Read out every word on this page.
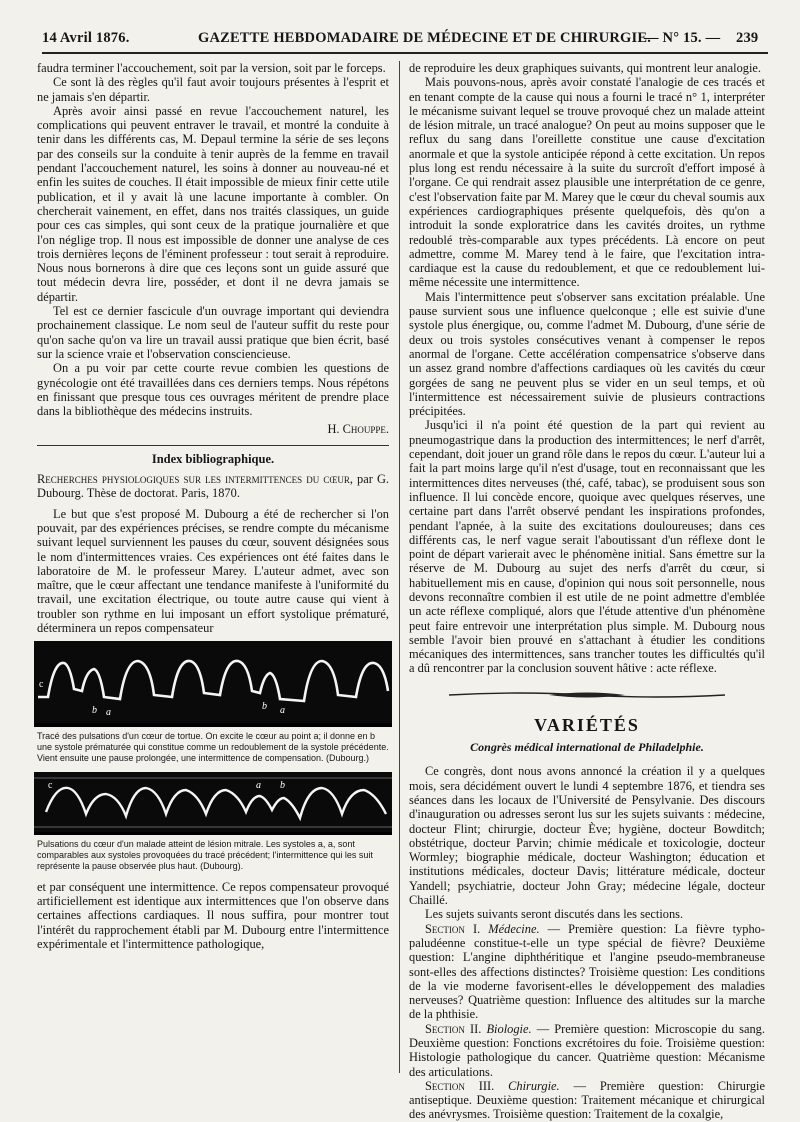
14 Avril 1876.	GAZETTE HEBDOMADAIRE DE MÉDECINE ET DE CHIRURGIE.
— N° 15. — 239

faudra terminer l'accouchement, soit par la version, soit par le forceps.

Ce sont là des règles qu'il faut avoir toujours présentes à l'esprit et ne jamais s'en départir.

Après avoir ainsi passé en revue l'accouchement naturel, les complications qui peuvent entraver le travail, et montré la conduite à tenir dans les différents cas, M. Depaul termine la série de ses leçons par des conseils sur la conduite à tenir auprès de la femme en travail pendant l'accouchement naturel, les soins à donner au nouveau-né et enfin les suites de couches. Il était impossible de mieux finir cette utile publication, et il y avait là une lacune importante à combler. On chercherait vainement, en effet, dans nos traités classiques, un guide pour ces cas simples, qui sont ceux de la pratique journalière et que l'on néglige trop. Il nous est impossible de donner une analyse de ces trois dernières leçons de l'éminent professeur : tout serait à reproduire. Nous nous bornerons à dire que ces leçons sont un guide assuré que tout médecin devra lire, posséder, et dont il ne devra jamais se départir.

Tel est ce dernier fascicule d'un ouvrage important qui deviendra prochainement classique. Le nom seul de l'auteur suffit du reste pour qu'on sache qu'on va lire un travail aussi pratique que bien écrit, basé sur la science vraie et l'observation consciencieuse.

On a pu voir par cette courte revue combien les questions de gynécologie ont été travaillées dans ces derniers temps. Nous répétons en finissant que presque tous ces ouvrages méritent de prendre place dans la bibliothèque des médecins instruits.

H. Chouppe.

Index bibliographique.

Recherches physiologiques sur les intermittences du cœur, par G. Dubourg. Thèse de doctorat. Paris, 1870.

Le but que s'est proposé M. Dubourg a été de rechercher si l'on pouvait, par des expériences précises, se rendre compte du mécanisme suivant lequel surviennent les pauses du cœur, souvent désignées sous le nom d'intermittences vraies. Ces expériences ont été faites dans le laboratoire de M. le professeur Marey. L'auteur admet, avec son maître, que le cœur affectant une tendance manifeste à l'uniformité du travail, une excitation électrique, ou toute autre cause qui vient à troubler son rythme en lui imposant un effort systolique prématuré, déterminera un repos compensateur

c
b a
b a
Tracé des pulsations d'un cœur de tortue. On excite le cœur au point a; il donne en b une systole prématurée qui constitue comme un redoublement de la systole précédente. Vient ensuite une pause prolongée, une intermittence de compensation. (Dubourg.)
c	a b
Pulsations du cœur d'un malade atteint de lésion mitrale. Les systoles a, a, sont comparables aux systoles provoquées du tracé précédent; l'intermittence qui les suit représente la pause observée plus haut. (Dubourg).

et par conséquent une intermittence. Ce repos compensateur provoqué artificiellement est identique aux intermittences que l'on observe dans certaines affections cardiaques. Il nous suffira, pour montrer tout l'intérêt du rapprochement établi par M. Dubourg entre l'intermittence expérimentale et l'intermittence pathologique,

de reproduire les deux graphiques suivants, qui montrent leur analogie.

Mais pouvons-nous, après avoir constaté l'analogie de ces tracés et en tenant compte de la cause qui nous a fourni le tracé n° 1, interpréter le mécanisme suivant lequel se trouve provoqué chez un malade atteint de lésion mitrale, un tracé analogue? On peut au moins supposer que le reflux du sang dans l'oreillette constitue une cause d'excitation anormale et que la systole anticipée répond à cette excitation. Un repos plus long est rendu nécessaire à la suite du surcroît d'effort imposé à l'organe. Ce qui rendrait assez plausible une interprétation de ce genre, c'est l'observation faite par M. Marey que le cœur du cheval soumis aux expériences cardiographiques présente quelquefois, dès qu'on a introduit la sonde exploratrice dans les cavités droites, un rythme redoublé très-comparable aux types précédents. Là encore on peut admettre, comme M. Marey tend à le faire, que l'excitation intra-cardiaque est la cause du redoublement, et que ce redoublement lui-même nécessite une intermittence.

Mais l'intermittence peut s'observer sans excitation préalable. Une pause survient sous une influence quelconque ; elle est suivie d'une systole plus énergique, ou, comme l'admet M. Dubourg, d'une série de deux ou trois systoles consécutives venant à compenser le repos anormal de l'organe. Cette accélération compensatrice s'observe dans un assez grand nombre d'affections cardiaques où les cavités du cœur gorgées de sang ne peuvent plus se vider en un seul temps, et où l'intermittence est nécessairement suivie de plusieurs contractions précipitées.

Jusqu'ici il n'a point été question de la part qui revient au pneumogastrique dans la production des intermittences; le nerf d'arrêt, cependant, doit jouer un grand rôle dans le repos du cœur. L'auteur lui a fait la part moins large qu'il n'est d'usage, tout en reconnaissant que les intermittences dites nerveuses (thé, café, tabac), se produisent sous son influence. Il lui concède encore, quoique avec quelques réserves, une certaine part dans l'arrêt observé pendant les inspirations profondes, pendant l'apnée, à la suite des excitations douloureuses; dans ces différents cas, le nerf vague serait l'aboutissant d'un réflexe dont le point de départ varierait avec le phénomène initial. Sans émettre sur la réserve de M. Dubourg au sujet des nerfs d'arrêt du cœur, si habituellement mis en cause, d'opinion qui nous soit personnelle, nous devons reconnaître combien il est utile de ne point admettre d'emblée un acte réflexe compliqué, alors que l'étude attentive d'un phénomène peut faire entrevoir une interprétation plus simple. M. Dubourg nous semble l'avoir bien prouvé en s'attachant à étudier les conditions mécaniques des intermittences, sans trancher toutes les difficultés qu'il a dû rencontrer par la conclusion souvent hâtive : acte réflexe.

VARIÉTÉS
Congrès médical international de Philadelphie.

Ce congrès, dont nous avons annoncé la création il y a quelques mois, sera décidément ouvert le lundi 4 septembre 1876, et tiendra ses séances dans les locaux de l'Université de Pensylvanie. Des discours d'inauguration ou adresses seront lus sur les sujets suivants : médecine, docteur Flint; chirurgie, docteur Ève; hygiène, docteur Bowditch; obstétrique, docteur Parvin; chimie médicale et toxicologie, docteur Wormley; biographie médicale, docteur Washington; éducation et institutions médicales, docteur Davis; littérature médicale, docteur Yandell; psychiatrie, docteur John Gray; médecine légale, docteur Chaillé.

Les sujets suivants seront discutés dans les sections.

Section I. Médecine. — Première question: La fièvre typho-paludéenne constitue-t-elle un type spécial de fièvre? Deuxième question: L'angine diphthéritique et l'angine pseudo-membraneuse sont-elles des affections distinctes? Troisième question: Les conditions de la vie moderne favorisent-elles le développement des maladies nerveuses? Quatrième question: Influence des altitudes sur la marche de la phthisie.

Section II. Biologie. — Première question: Microscopie du sang. Deuxième question: Fonctions excrétoires du foie. Troisième question: Histologie pathologique du cancer. Quatrième question: Mécanisme des articulations.

Section III. Chirurgie. — Première question: Chirurgie antiseptique. Deuxième question: Traitement mécanique et chirurgical des anévrysmes. Troisième question: Traitement de la coxalgie,
